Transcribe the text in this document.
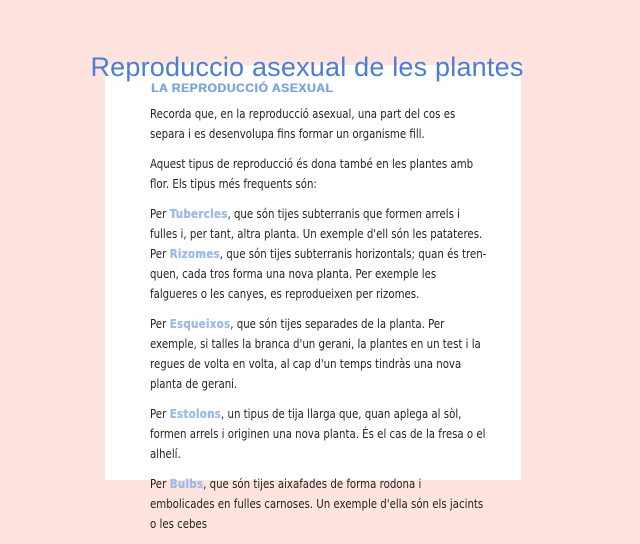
Reproduccio asexual de les plantes
LA REPRODUCCIÓ ASEXUAL

Recorda que, en la reproducció asexual, una part del cos es separa i es desenvolupa fins formar un organisme fill.

Aquest tipus de reproducció és dona també en les plantes amb flor. Els tipus més frequents són:

Per Tubercles, que són tijes subterranis que formen arrels i fulles i, per tant, altra planta. Un exemple d'ell són les patateres.

Per Rizomes, que són tijes subterranis horizontals; quan és tren-quen, cada tros forma una nova planta. Per exemple les falgueres o les canyes, es reprodueixen per rizomes.

Per Esqueixos, que són tijes separades de la planta. Per exemple, si talles la branca d'un gerani, la plantes en un test i la regues de volta en volta, al cap d'un temps tindràs una nova planta de gerani.

Per Estolons, un tipus de tija llarga que, quan aplega al sòl, formen arrels i originen una nova planta. És el cas de la fresa o el alhelí.

Per Bulbs, que són tijes aixafades de forma rodona i embolicades en fulles carnoses. Un exemple d'ella són els jacints o les cebes
